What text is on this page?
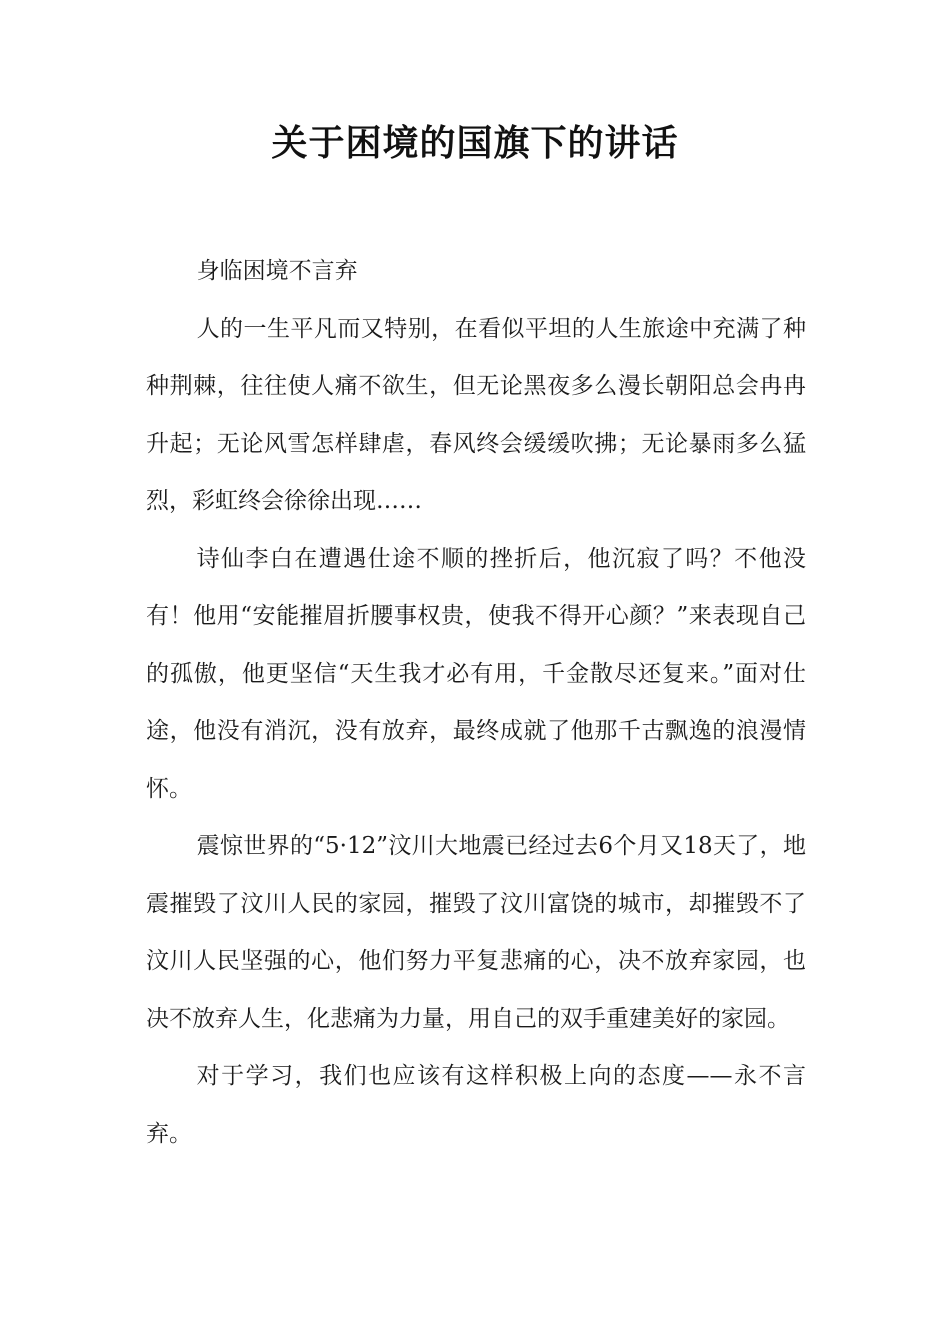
关于困境的国旗下的讲话

身临困境不言弃

人的一生平凡而又特别，在看似平坦的人生旅途中充满了种种荆棘，往往使人痛不欲生，但无论黑夜多么漫长朝阳总会冉冉升起；无论风雪怎样肆虐，春风终会缓缓吹拂；无论暴雨多么猛烈，彩虹终会徐徐出现……

诗仙李白在遭遇仕途不顺的挫折后，他沉寂了吗？不他没有！他用“安能摧眉折腰事权贵，使我不得开心颜？”来表现自己的孤傲，他更坚信“天生我才必有用，千金散尽还复来。”面对仕途，他没有消沉，没有放弃，最终成就了他那千古飘逸的浪漫情怀。

震惊世界的“5·12”汶川大地震已经过去6个月又18天了，地震摧毁了汶川人民的家园，摧毁了汶川富饶的城市，却摧毁不了汶川人民坚强的心，他们努力平复悲痛的心，决不放弃家园，也决不放弃人生，化悲痛为力量，用自己的双手重建美好的家园。

对于学习，我们也应该有这样积极上向的态度——永不言弃。
